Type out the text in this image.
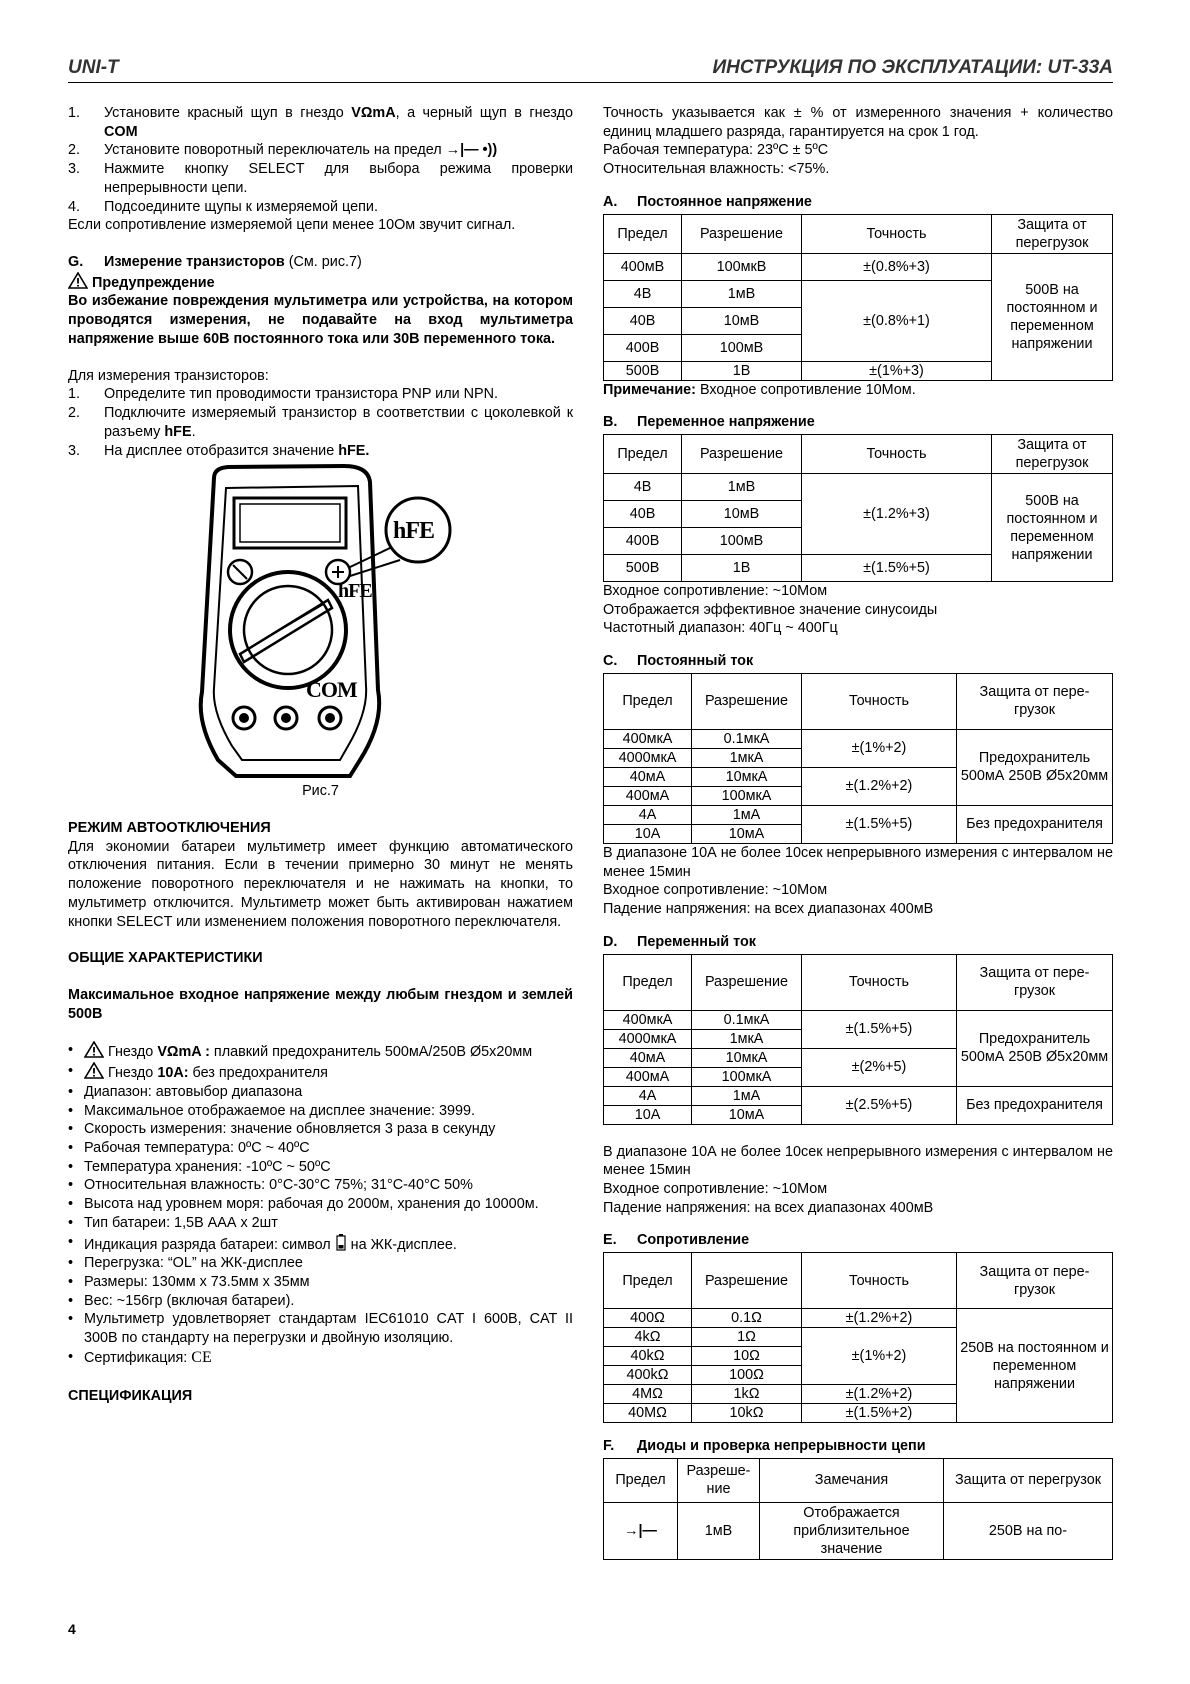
UNI-T	ИНСТРУКЦИЯ ПО ЭКСПЛУАТАЦИИ: UT-33A
1. Установите красный щуп в гнездо VΩmA, а черный щуп в гнездо COM
2. Установите поворотный переключатель на предел →|— •))
3. Нажмите кнопку SELECT для выбора режима проверки непрерывности цепи.
4. Подсоедините щупы к измеряемой цепи.

Если сопротивление измеряемой цепи менее 10Ом звучит сигнал.

G. Измерение транзисторов (См. рис.7)

Предупреждение

Во избежание повреждения мультиметра или устройства, на котором проводятся измерения, не подавайте на вход мультиметра напряжение выше 60В постоянного тока или 30В переменного тока.

Для измерения транзисторов:

1. Определите тип проводимости транзистора PNP или NPN.
2. Подключите измеряемый транзистор в соответствии с цоколевкой к разъему hFE.
3. На дисплее отобразится значение hFE.
hFE
hFE
COM

Рис.7

РЕЖИМ АВТООТКЛЮЧЕНИЯ

Для экономии батареи мультиметр имеет функцию автоматического отключения питания. Если в течении примерно 30 минут не менять положение поворотного переключателя и не нажимать на кнопки, то мультиметр отключится. Мультиметр может быть активирован нажатием кнопки SELECT или изменением положения поворотного переключателя.

ОБЩИЕ ХАРАКТЕРИСТИКИ

Максимальное входное напряжение между любым гнездом и землей 500В

• Гнездо VΩmA : плавкий предохранитель 500мА/250В Ø5x20мм
• Гнездо 10A: без предохранителя
• Диапазон: автовыбор диапазона
• Максимальное отображаемое на дисплее значение: 3999.
• Скорость измерения: значение обновляется 3 раза в секунду
• Рабочая температура: 0ºC ~ 40ºC
• Температура хранения: -10ºC ~ 50ºC
• Относительная влажность: 0°C-30°C 75%; 31°C-40°C 50%
• Высота над уровнем моря: рабочая до 2000м, хранения до 10000м.
• Тип батареи: 1,5В ААА х 2шт
• Индикация разряда батареи: символ на ЖК-дисплее.
• Перегрузка: “OL” на ЖК-дисплее
• Размеры: 130мм x 73.5мм x 35мм
• Вес: ~156гр (включая батареи).
• Мультиметр удовлетворяет стандартам IEC61010 CAT I 600В, CAT II 300В по стандарту на перегрузки и двойную изоляцию.
• Сертификация: CE

СПЕЦИФИКАЦИЯ

Точность указывается как ± % от измеренного значения + количество единиц младшего разряда, гарантируется на срок 1 год.

Рабочая температура: 23ºC ± 5ºC

Относительная влажность: <75%.

A. Постоянное напряжение

Предел	Разрешение	Точность	Защита от перегрузок
400мВ	100мкВ	±(0.8%+3)	500В на постоянном и переменном напряжении
4В	1мВ	±(0.8%+1)	
40В	10мВ		
400В	100мВ		
500В	1В	±(1%+3)	

Примечание: Входное сопротивление 10Мом.

B. Переменное напряжение

Предел	Разрешение	Точность	Защита от перегрузок
4В	1мВ	±(1.2%+3)	500В на постоянном и переменном напряжении
40В	10мВ		
400В	100мВ		
500В	1В	±(1.5%+5)	

Входное сопротивление: ~10Мом

Отображается эффективное значение синусоиды

Частотный диапазон: 40Гц ~ 400Гц

C. Постоянный ток

Предел	Разрешение	Точность	Защита от пере-грузок
400мкА	0.1мкА	±(1%+2)	Предохранитель 500мА 250В Ø5x20мм
4000мкА	1мкА		
40мА	10мкА	±(1.2%+2)	
400мА	100мкА		
4А	1мА	±(1.5%+5)	Без предохранителя
10А	10мА		

В диапазоне 10А не более 10сек непрерывного измерения с интервалом не менее 15мин

Входное сопротивление: ~10Мом

Падение напряжения: на всех диапазонах 400мВ

D. Переменный ток

Предел	Разрешение	Точность	Защита от пере-грузок
400мкА	0.1мкА	±(1.5%+5)	Предохранитель 500мА 250В Ø5x20мм
4000мкА	1мкА		
40мА	10мкА	±(2%+5)	
400мА	100мкА		
4А	1мА	±(2.5%+5)	Без предохранителя
10А	10мА		

В диапазоне 10А не более 10сек непрерывного измерения с интервалом не менее 15мин

Входное сопротивление: ~10Мом

Падение напряжения: на всех диапазонах 400мВ

E. Сопротивление

Предел	Разрешение	Точность	Защита от пере-грузок
400Ω	0.1Ω	±(1.2%+2)	250В на постоянном и переменном напряжении
4kΩ	1Ω	±(1%+2)	
40kΩ	10Ω		
400kΩ	100Ω		
4MΩ	1kΩ	±(1.2%+2)	
40MΩ	10kΩ	±(1.5%+2)	

F. Диоды и проверка непрерывности цепи

Предел	Разреше-ние	Замечания	Защита от перегрузок
→|—	1мВ	Отображается приблизительное значение	250В на по-
4
